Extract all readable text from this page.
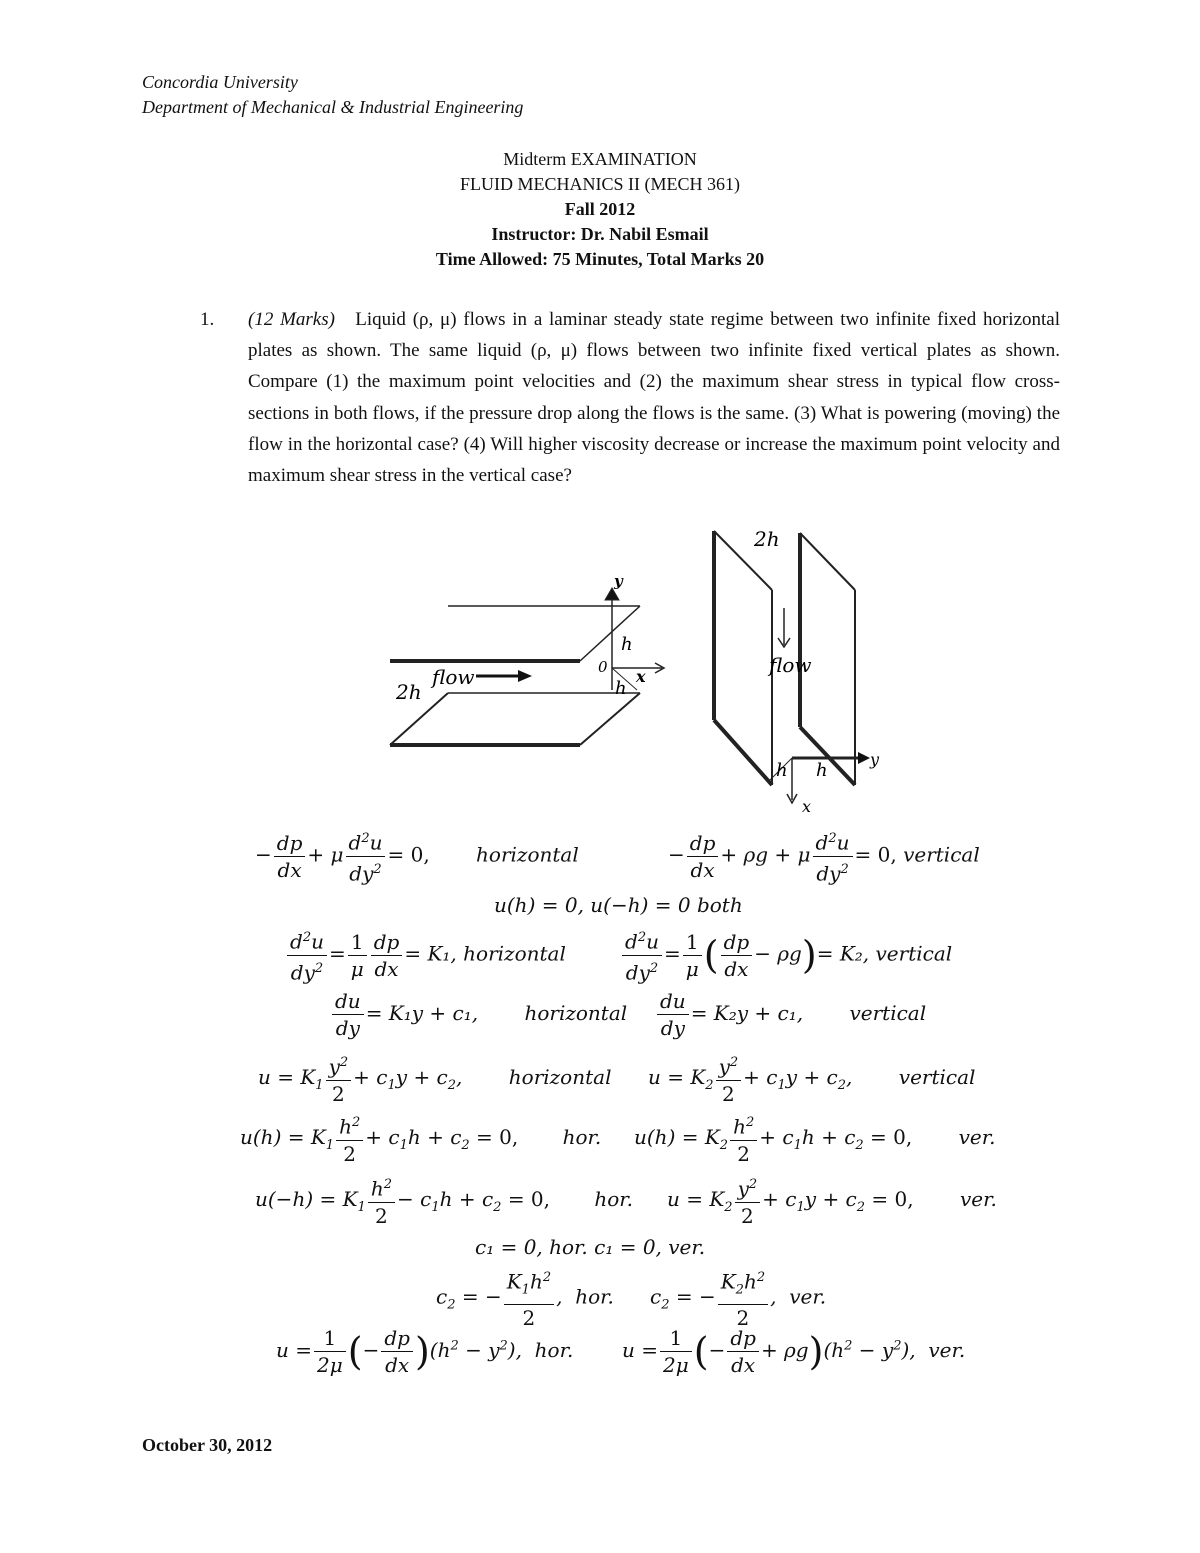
Concordia University
Department of Mechanical & Industrial Engineering
Midterm EXAMINATION
FLUID MECHANICS II (MECH 361)
Fall 2012
Instructor: Dr. Nabil Esmail
Time Allowed: 75 Minutes, Total Marks 20
1. (12 Marks) Liquid (ρ, μ) flows in a laminar steady state regime between two infinite fixed horizontal plates as shown. The same liquid (ρ, μ) flows between two infinite fixed vertical plates as shown. Compare (1) the maximum point velocities and (2) the maximum shear stress in typical flow cross-sections in both flows, if the pressure drop along the flows is the same. (3) What is powering (moving) the flow in the horizontal case? (4) Will higher viscosity decrease or increase the maximum point velocity and maximum shear stress in the vertical case?
flow
2h
y
x
0
h
h
2h
flow
y
x
h h
− $\frac{dp}{dx} + \mu \frac{d^2u}{dy^2} = 0$, horizontal	− $\frac{dp}{dx} + \rho g + \mu \frac{d^2u}{dy^2} = 0$, vertical
u(h) = 0, u(−h) = 0 both
$\frac{d^2u}{dy^2} = \frac{1}{\mu} \frac{dp}{dx} = K_1$, horizontal	$\frac{d^2u}{dy^2} = \frac{1}{\mu}$ ( $\frac{dp}{dx} - \rho g)= K_2$, vertical
$\frac{du}{dy} = K_1y + c_1$, horizontal $\frac{du}{dy} = K_2y + c_1$, vertical
$u = K_1 \frac{y^2}{2} + c_1y + c_2$, horizontal $u = K_2 \frac{y^2}{2} + c_1y + c_2$, vertical
$u(h) = K_1 \frac{h^2}{2} + c_1h + c_2 = 0$, hor. $u(h) = K_2 \frac{h^2}{2} + c_1h + c_2 = 0$, ver.
$u(-h) = K_1 \frac{h^2}{2} - c_1h + c_2 = 0$, hor. $u = K_2 \frac{y^2}{2} + c_1y + c_2 = 0$, ver.
c₁ = 0, hor. c₁ = 0, ver.
$c_2$ = − $\frac{K_1h^2}{2}$ ,  hor. $c_2$ = − $\frac{K_2h^2}{2}$ ,  ver.
$u = \frac{1}{2\mu}$ (− $\frac{dp}{dx} )(h^2 - y^2)$,  hor. $u = \frac{1}{2\mu}$ (− $\frac{dp}{dx} + \rho g)(h^2 - y^2)$,  ver.
October 30, 2012
